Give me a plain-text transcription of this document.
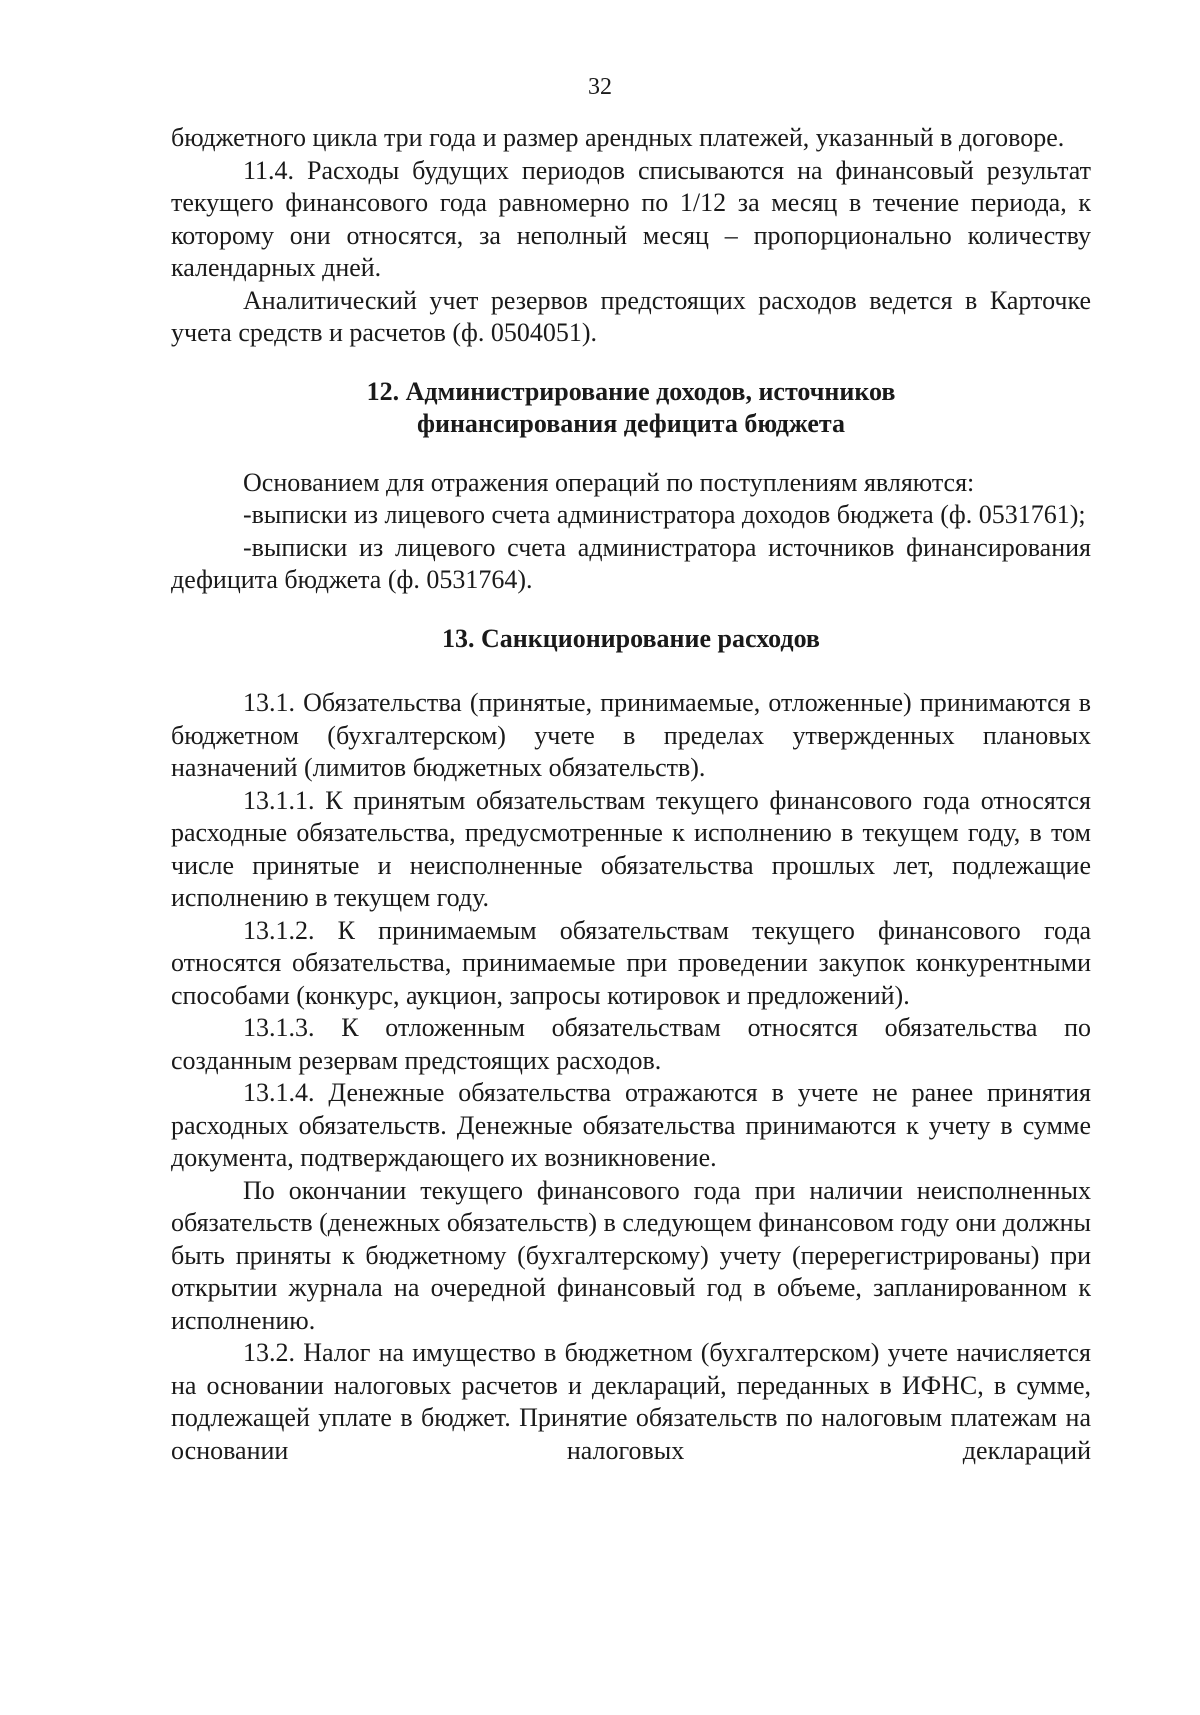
32

бюджетного цикла три года и размер арендных платежей, указанный в договоре.

11.4. Расходы будущих периодов списываются на финансовый результат текущего финансового года равномерно по 1/12 за месяц в течение периода, к которому они относятся, за неполный месяц – пропорционально количеству календарных дней.

Аналитический учет резервов предстоящих расходов ведется в Карточке учета средств и расчетов (ф. 0504051).

12. Администрирование доходов, источников
финансирования дефицита бюджета

Основанием для отражения операций по поступлениям являются:

-выписки из лицевого счета администратора доходов бюджета (ф. 0531761);

-выписки из лицевого счета администратора источников финансирования дефицита бюджета (ф. 0531764).

13. Санкционирование расходов

13.1. Обязательства (принятые, принимаемые, отложенные) принимаются в бюджетном (бухгалтерском) учете в пределах утвержденных плановых назначений (лимитов бюджетных обязательств).

13.1.1. К принятым обязательствам текущего финансового года относятся расходные обязательства, предусмотренные к исполнению в текущем году, в том числе принятые и неисполненные обязательства прошлых лет, подлежащие исполнению в текущем году.

13.1.2. К принимаемым обязательствам текущего финансового года относятся обязательства, принимаемые при проведении закупок конкурентными способами (конкурс, аукцион, запросы котировок и предложений).

13.1.3. К отложенным обязательствам относятся обязательства по созданным резервам предстоящих расходов.

13.1.4. Денежные обязательства отражаются в учете не ранее принятия расходных обязательств. Денежные обязательства принимаются к учету в сумме документа, подтверждающего их возникновение.

По окончании текущего финансового года при наличии неисполненных обязательств (денежных обязательств) в следующем финансовом году они должны быть приняты к бюджетному (бухгалтерскому) учету (перерегистрированы) при открытии журнала на очередной финансовый год в объеме, запланированном к исполнению.

13.2. Налог на имущество в бюджетном (бухгалтерском) учете начисляется на основании налоговых расчетов и деклараций, переданных в ИФНС, в сумме, подлежащей уплате в бюджет. Принятие обязательств по налоговым платежам на основании налоговых деклараций
